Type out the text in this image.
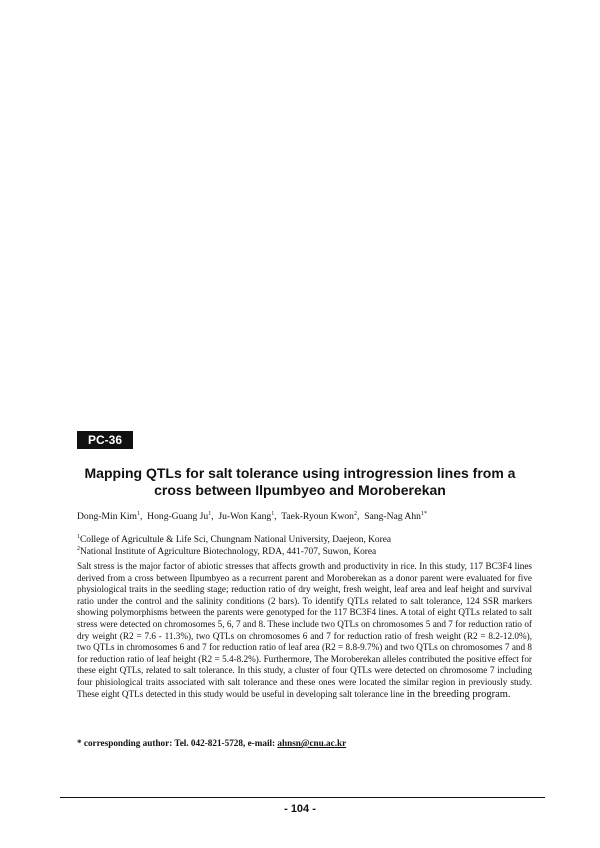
PC-36
Mapping QTLs for salt tolerance using introgression lines from a
cross between Ilpumbyeo and Moroberekan
Dong-Min Kim$^1$,  Hong-Guang Ju$^1$,  Ju-Won Kang$^1$,  Taek-Ryoun Kwon$^2$,  Sang-Nag Ahn$^{1*}$
$^1$College of Agricultule & Life Sci, Chungnam National University, Daejeon, Korea
$^2$National Institute of Agriculture Biotechnology, RDA, 441-707, Suwon, Korea

Salt stress is the major factor of abiotic stresses that affects growth and productivity in rice. In this study, 117 BC3F4 lines derived from a cross between Ilpumbyeo as a recurrent parent and Moroberekan as a donor parent were evaluated for five physiological traits in the seedling stage; reduction ratio of dry weight, fresh weight, leaf area and leaf height and survival ratio under the control and the salinity conditions (2 bars). To identify QTLs related to salt tolerance, 124 SSR markers showing polymorphisms between the parents were genotyped for the 117 BC3F4 lines. A total of eight QTLs related to salt stress were detected on chromosomes 5, 6, 7 and 8. These include two QTLs on chromosomes 5 and 7 for reduction ratio of dry weight (R2 = 7.6 - 11.3%), two QTLs on chromosomes 6 and 7 for reduction ratio of fresh weight (R2 = 8.2-12.0%), two QTLs in chromosomes 6 and 7 for reduction ratio of leaf area (R2 = 8.8-9.7%) and two QTLs on chromosomes 7 and 8 for reduction ratio of leaf height (R2 = 5.4-8.2%). Furthermore, The Moroberekan alleles contributed the positive effect for these eight QTLs, related to salt tolerance. In this study, a cluster of four QTLs were detected on chromosome 7 including four phisiological traits associated with salt tolerance and these ones were located the similar region in previously study. These eight QTLs detected in this study would be useful in developing salt tolerance line in the breeding program.

* corresponding author: Tel. 042-821-5728, e-mail: ahnsn@cnu.ac.kr
- 104 -
